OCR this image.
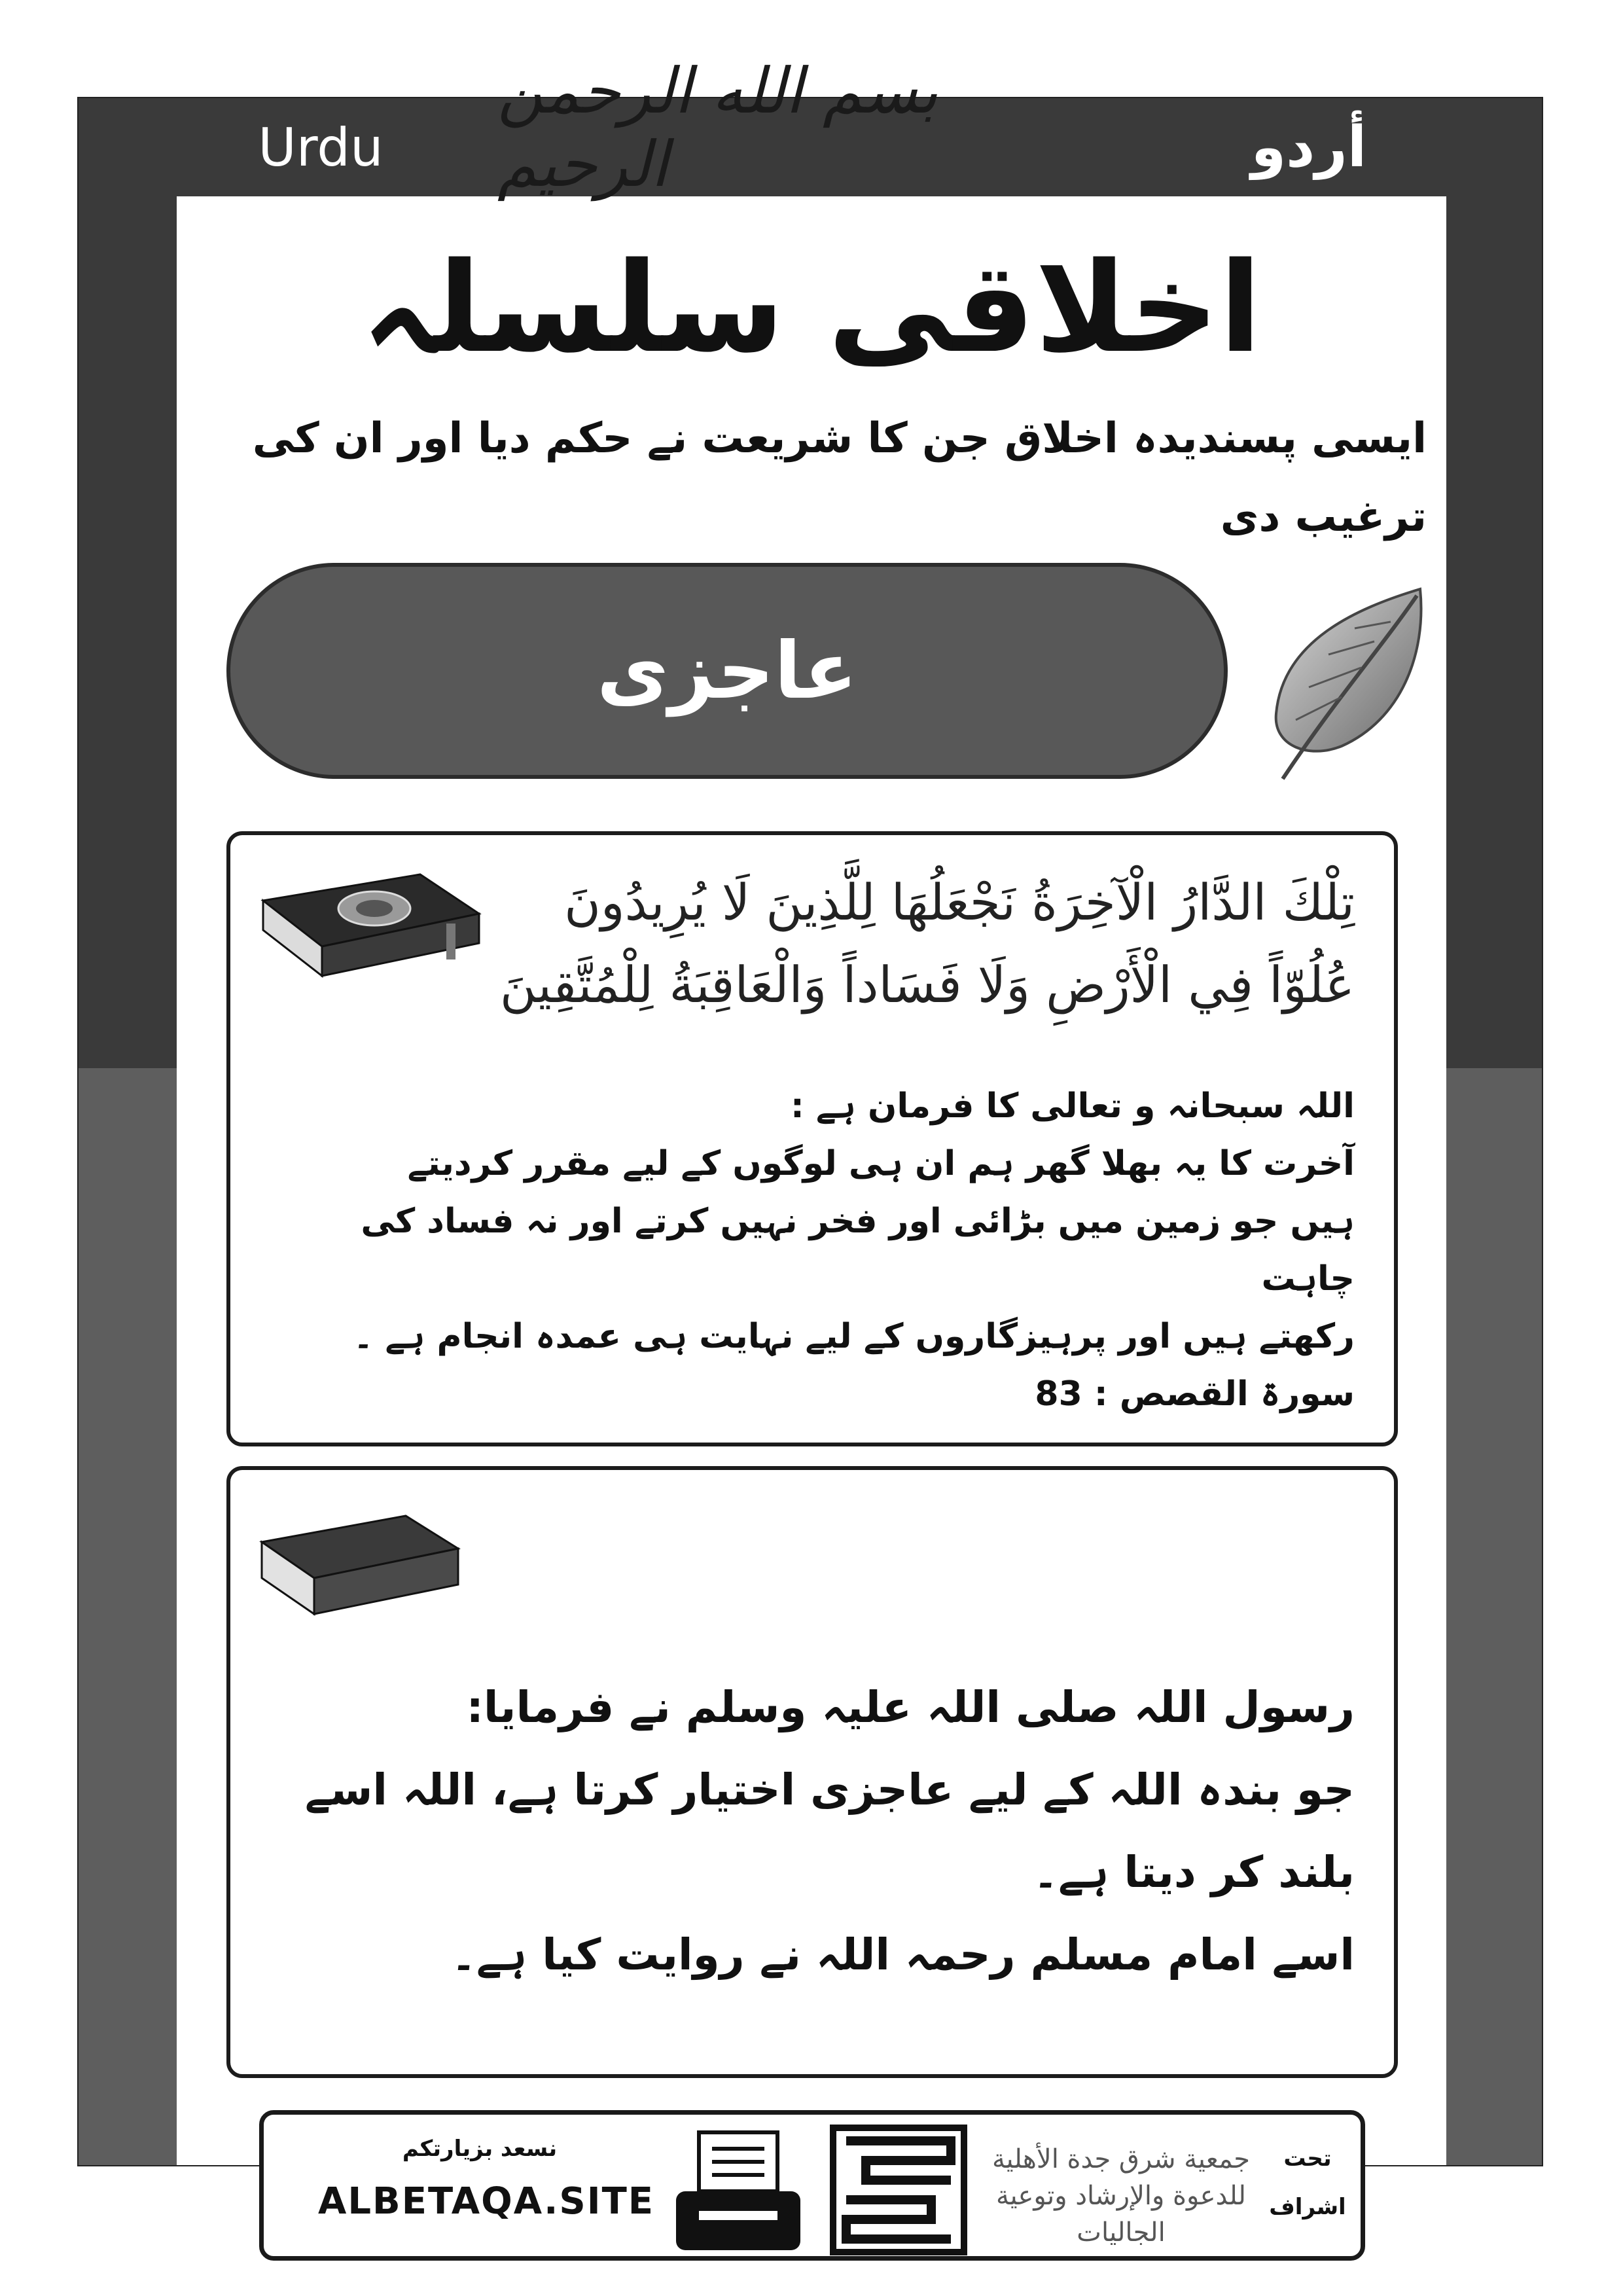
Urdu	أردو
بسم الله الرحمن الرحيم
اخلاقی سلسلہ
ایسی پسندیدہ اخلاق جن کا شریعت نے حکم دیا اور ان کی ترغیب دی
عاجزی
تِلْكَ الدَّارُ الْآخِرَةُ نَجْعَلُهَا لِلَّذِينَ لَا يُرِيدُونَ
عُلُوّاً فِي الْأَرْضِ وَلَا فَسَاداً وَالْعَاقِبَةُ لِلْمُتَّقِينَ
اللہ سبحانہ و تعالی کا فرمان ہے :
آخرت کا یہ بھلا گھر ہم ان ہی لوگوں کے لیے مقرر کردیتے
ہیں جو زمین میں بڑائی اور فخر نہیں کرتے اور نہ فساد کی چاہت
رکھتے ہیں اور پرہیزگاروں کے لیے نہایت ہی عمدہ انجام ہے ۔
سورۃ القصص : 83
رسول اللہ صلی اللہ علیہ وسلم نے فرمایا:
جو بندہ اللہ کے لیے عاجزی اختیار کرتا ہے، اللہ اسے
بلند کر دیتا ہے۔
اسے امام مسلم رحمہ اللہ نے روایت کیا ہے۔
نسعد بزيارتكم
ALBETAQA.SITE
جمعية شرق جدة الأهلية
للدعوة والإرشاد وتوعية الجاليات
تحت
اشراف
